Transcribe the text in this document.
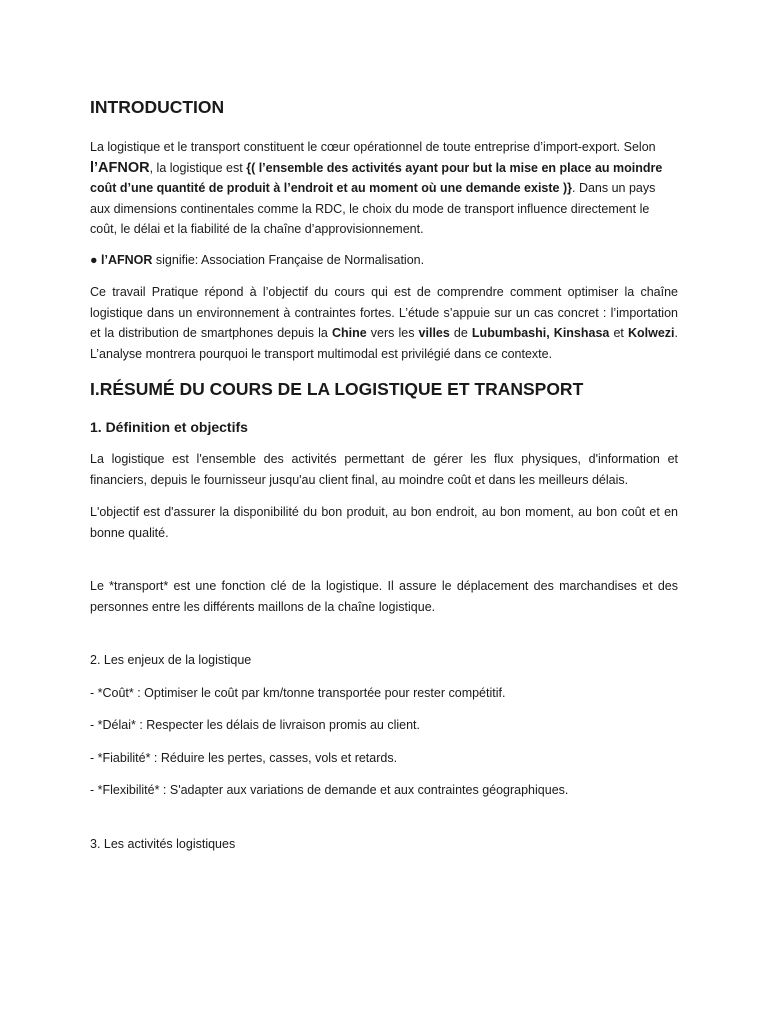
INTRODUCTION

La logistique et le transport constituent le cœur opérationnel de toute entreprise d’import-export. Selon l’AFNOR, la logistique est {( l’ensemble des activités ayant pour but la mise en place au moindre coût d’une quantité de produit à l’endroit et au moment où une demande existe )}. Dans un pays aux dimensions continentales comme la RDC, le choix du mode de transport influence directement le coût, le délai et la fiabilité de la chaîne d’approvisionnement.

● l’AFNOR signifie: Association Française de Normalisation.

Ce travail Pratique répond à l’objectif du cours qui est de comprendre comment optimiser la chaîne logistique dans un environnement à contraintes fortes. L’étude s’appuie sur un cas concret : l’importation et la distribution de smartphones depuis la Chine vers les villes de Lubumbashi, Kinshasa et Kolwezi. L’analyse montrera pourquoi le transport multimodal est privilégié dans ce contexte.

I.RÉSUMÉ DU COURS DE LA LOGISTIQUE ET TRANSPORT
1. Définition et objectifs

La logistique est l'ensemble des activités permettant de gérer les flux physiques, d'information et financiers, depuis le fournisseur jusqu'au client final, au moindre coût et dans les meilleurs délais.

L'objectif est d'assurer la disponibilité du bon produit, au bon endroit, au bon moment, au bon coût et en bonne qualité.

Le *transport* est une fonction clé de la logistique. Il assure le déplacement des marchandises et des personnes entre les différents maillons de la chaîne logistique.

2. Les enjeux de la logistique

- *Coût* : Optimiser le coût par km/tonne transportée pour rester compétitif.

- *Délai* : Respecter les délais de livraison promis au client.

- *Fiabilité* : Réduire les pertes, casses, vols et retards.

- *Flexibilité* : S'adapter aux variations de demande et aux contraintes géographiques.

3. Les activités logistiques
